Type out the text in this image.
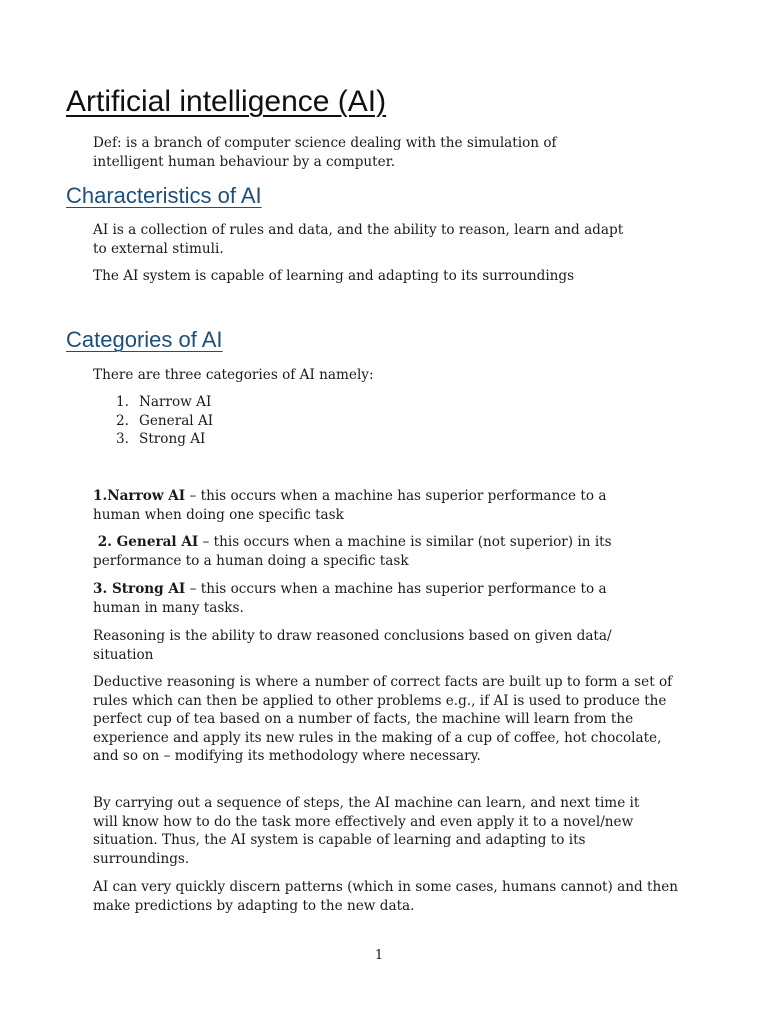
Artificial intelligence (AI)

Def: is a branch of computer science dealing with the simulation of intelligent human behaviour by a computer.

Characteristics of AI

AI is a collection of rules and data, and the ability to reason, learn and adapt to external stimuli.

The AI system is capable of learning and adapting to its surroundings

Categories of AI

There are three categories of AI namely:

1. Narrow AI
2. General AI
3. Strong AI

1.Narrow AI – this occurs when a machine has superior performance to a human when doing one specific task

2. General AI – this occurs when a machine is similar (not superior) in its performance to a human doing a specific task

3. Strong AI – this occurs when a machine has superior performance to a human in many tasks.

Reasoning is the ability to draw reasoned conclusions based on given data/ situation

Deductive reasoning is where a number of correct facts are built up to form a set of rules which can then be applied to other problems e.g., if AI is used to produce the perfect cup of tea based on a number of facts, the machine will learn from the experience and apply its new rules in the making of a cup of coffee, hot chocolate, and so on – modifying its methodology where necessary.

By carrying out a sequence of steps, the AI machine can learn, and next time it will know how to do the task more effectively and even apply it to a novel/new situation. Thus, the AI system is capable of learning and adapting to its surroundings.

AI can very quickly discern patterns (which in some cases, humans cannot) and then make predictions by adapting to the new data.

1
